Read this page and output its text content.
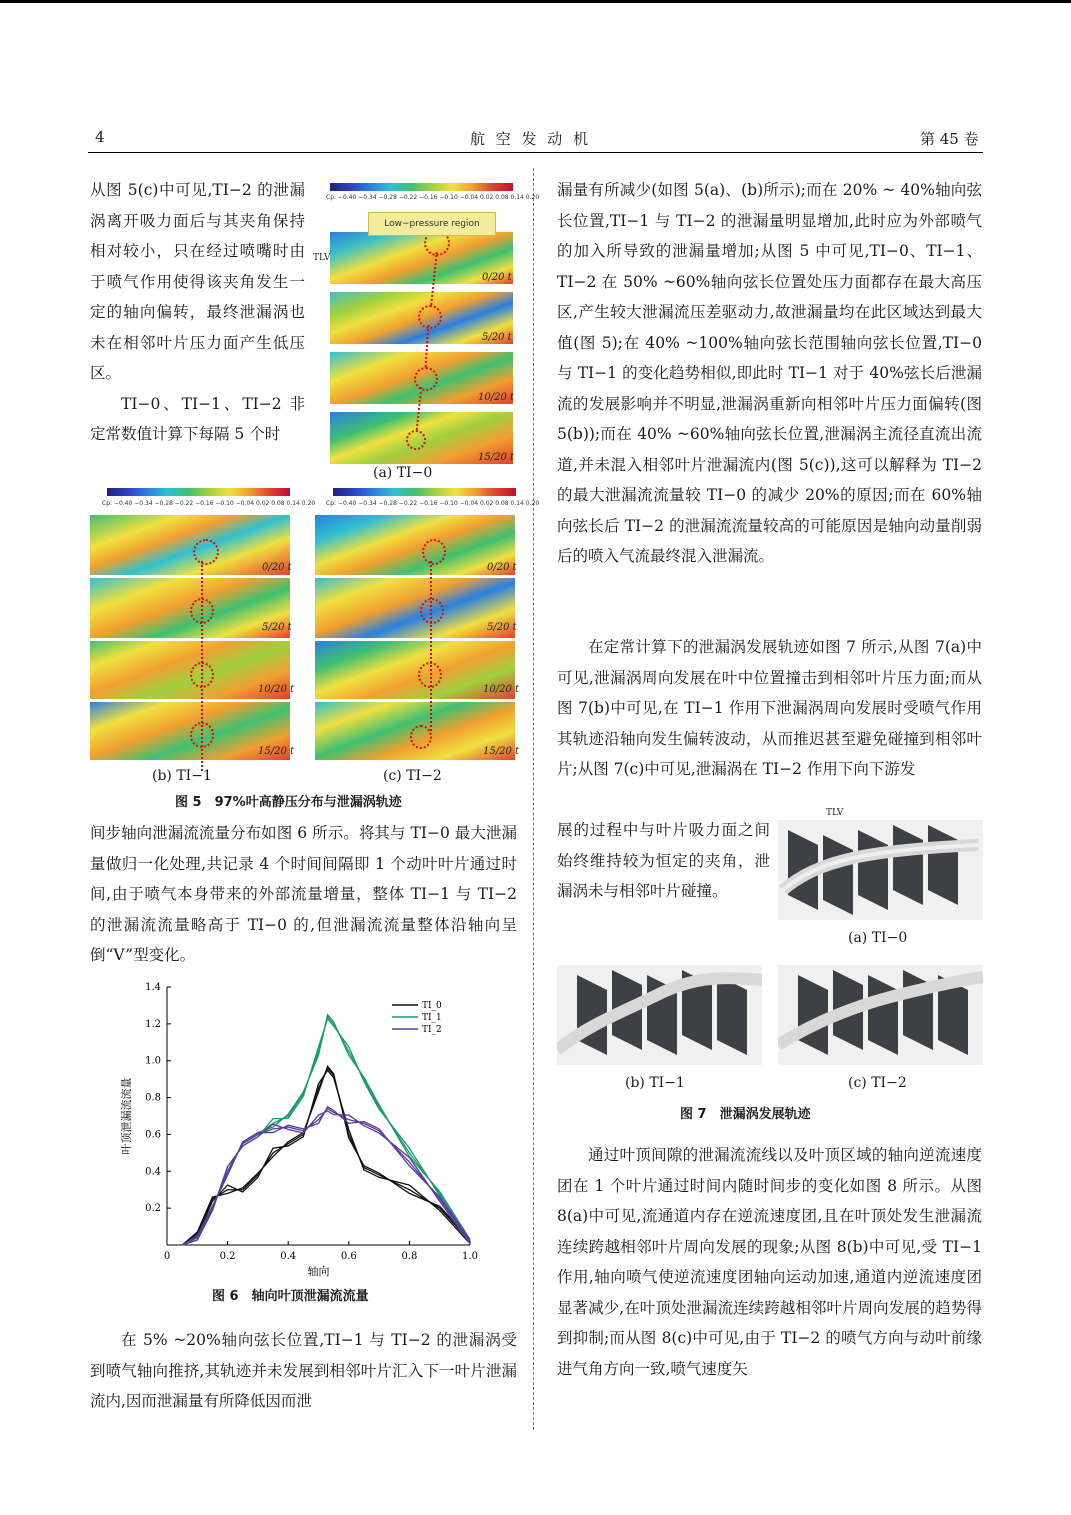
4	航 空 发 动 机	第 45 卷

从图 5(c)中可见,TI−2 的泄漏涡离开吸力面后与其夹角保持相对较小，只在经过喷嘴时由于喷气作用使得该夹角发生一定的轴向偏转，最终泄漏涡也未在相邻叶片压力面产生低压区。

TI−0、TI−1、TI−2 非定常数值计算下每隔 5 个时

Cp: −0.40 −0.34 −0.28 −0.22 −0.16 −0.10 −0.04 0.02 0.08 0.14 0.20
Low−pressure region
TLV
0/20 t
5/20 t
10/20 t
15/20 t
(a) TI−0
Cp: −0.40 −0.34 −0.28 −0.22 −0.16 −0.10 −0.04 0.02 0.08 0.14 0.20
0/20 t
5/20 t
10/20 t
15/20 t
(b) TI−1
Cp: −0.40 −0.34 −0.28 −0.22 −0.16 −0.10 −0.04 0.02 0.08 0.14 0.20
0/20 t
5/20 t
10/20 t
15/20 t
(c) TI−2
图 5　97%叶高静压分布与泄漏涡轨迹

间步轴向泄漏流流量分布如图 6 所示。将其与 TI−0 最大泄漏量做归一化处理,共记录 4 个时间间隔即 1 个动叶叶片通过时间,由于喷气本身带来的外部流量增量，整体 TI−1 与 TI−2 的泄漏流流量略高于 TI−0 的,但泄漏流流量整体沿轴向呈倒“V”型变化。

0	0.2	0.4	0.6	0.8	1.0
0.2
0.4
0.6
0.8
1.0
1.2
1.4
轴向
叶顶泄漏流流量
TI_0
TI_1
TI_2
图 6　轴向叶顶泄漏流流量

在 5% ~20%轴向弦长位置,TI−1 与 TI−2 的泄漏涡受到喷气轴向推挤,其轨迹并未发展到相邻叶片汇入下一叶片泄漏流内,因而泄漏量有所降低因而泄

漏量有所减少(如图 5(a)、(b)所示);而在 20% ~ 40%轴向弦长位置,TI−1 与 TI−2 的泄漏量明显增加,此时应为外部喷气的加入所导致的泄漏量增加;从图 5 中可见,TI−0、TI−1、TI−2 在 50% ~60%轴向弦长位置处压力面都存在最大高压区,产生较大泄漏流压差驱动力,故泄漏量均在此区域达到最大值(图 5);在 40% ~100%轴向弦长范围轴向弦长位置,TI−0 与 TI−1 的变化趋势相似,即此时 TI−1 对于 40%弦长后泄漏流的发展影响并不明显,泄漏涡重新向相邻叶片压力面偏转(图 5(b));而在 40% ~60%轴向弦长位置,泄漏涡主流径直流出流道,并未混入相邻叶片泄漏流内(图 5(c)),这可以解释为 TI−2 的最大泄漏流流量较 TI−0 的减少 20%的原因;而在 60%轴向弦长后 TI−2 的泄漏流流量较高的可能原因是轴向动量削弱后的喷入气流最终混入泄漏流。

在定常计算下的泄漏涡发展轨迹如图 7 所示,从图 7(a)中可见,泄漏涡周向发展在叶中位置撞击到相邻叶片压力面;而从图 7(b)中可见,在 TI−1 作用下泄漏涡周向发展时受喷气作用其轨迹沿轴向发生偏转波动，从而推迟甚至避免碰撞到相邻叶片;从图 7(c)中可见,泄漏涡在 TI−2 作用下向下游发

展的过程中与叶片吸力面之间始终维持较为恒定的夹角，泄漏涡未与相邻叶片碰撞。

TLV
(a) TI−0
(b) TI−1	(c) TI−2
图 7　泄漏涡发展轨迹

通过叶顶间隙的泄漏流流线以及叶顶区域的轴向逆流速度团在 1 个叶片通过时间内随时间步的变化如图 8 所示。从图 8(a)中可见,流通道内存在逆流速度团,且在叶顶处发生泄漏流连续跨越相邻叶片周向发展的现象;从图 8(b)中可见,受 TI−1 作用,轴向喷气使逆流速度团轴向运动加速,通道内逆流速度团显著减少,在叶顶处泄漏流连续跨越相邻叶片周向发展的趋势得到抑制;而从图 8(c)中可见,由于 TI−2 的喷气方向与动叶前缘进气角方向一致,喷气速度矢
